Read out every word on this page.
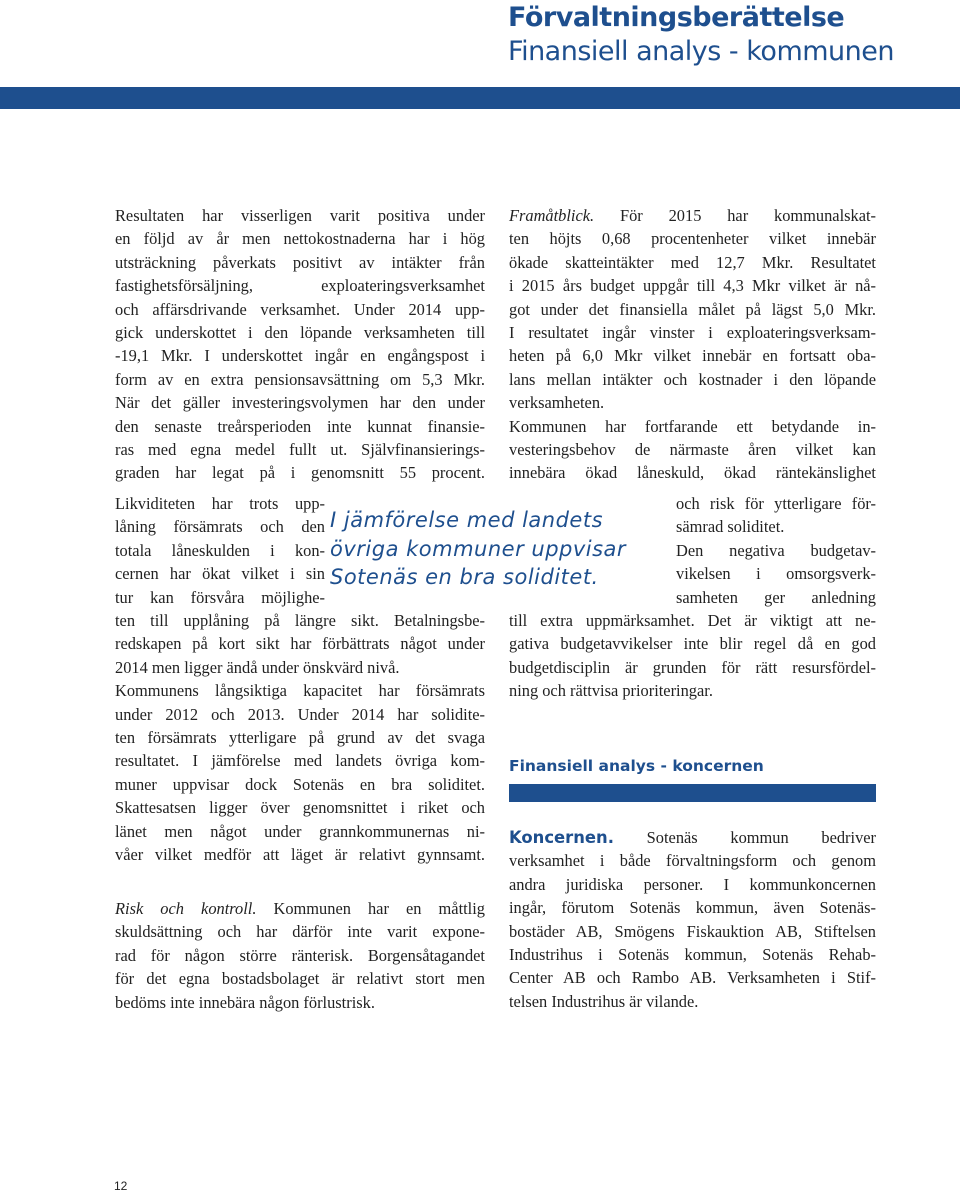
Förvaltningsberättelse
Finansiell analys - kommunen
Resultaten har visserligen varit positiva under
en följd av år men nettokostnaderna har i hög
utsträckning påverkats positivt av intäkter från
fastighetsförsäljning, exploateringsverksamhet
och affärsdrivande verksamhet. Under 2014 upp-
gick underskottet i den löpande verksamheten till
-19,1 Mkr. I underskottet ingår en engångspost i
form av en extra pensionsavsättning om 5,3 Mkr.
När det gäller investeringsvolymen har den under
den senaste treårsperioden inte kunnat finansie-
ras med egna medel fullt ut. Självfinansierings-
graden har legat på i genomsnitt 55 procent.
Likviditeten har trots upp-
låning försämrats och den
totala låneskulden i kon-
cernen har ökat vilket i sin
tur kan försvåra möjlighe-
ten till upplåning på längre sikt. Betalningsbe-
redskapen på kort sikt har förbättrats något under
2014 men ligger ändå under önskvärd nivå.
Kommunens långsiktiga kapacitet har försämrats
under 2012 och 2013. Under 2014 har solidite-
ten försämrats ytterligare på grund av det svaga
resultatet. I jämförelse med landets övriga kom-
muner uppvisar dock Sotenäs en bra soliditet.
Skattesatsen ligger över genomsnittet i riket och
länet men något under grannkommunernas ni-
våer vilket medför att läget är relativt gynnsamt.
Risk och kontroll. Kommunen har en måttlig
skuldsättning och har därför inte varit expone-
rad för någon större ränterisk. Borgensåtagandet
för det egna bostadsbolaget är relativt stort men
bedöms inte innebära någon förlustrisk.
I jämförelse med landets
övriga kommuner uppvisar
Sotenäs en bra soliditet.
Framåtblick. För 2015 har kommunalskat-
ten höjts 0,68 procentenheter vilket innebär
ökade skatteintäkter med 12,7 Mkr. Resultatet
i 2015 års budget uppgår till 4,3 Mkr vilket är nå-
got under det finansiella målet på lägst 5,0 Mkr.
I resultatet ingår vinster i exploateringsverksam-
heten på 6,0 Mkr vilket innebär en fortsatt oba-
lans mellan intäkter och kostnader i den löpande
verksamheten.
Kommunen har fortfarande ett betydande in-
vesteringsbehov de närmaste åren vilket kan
innebära ökad låneskuld, ökad räntekänslighet
och risk för ytterligare för-
sämrad soliditet.
Den negativa budgetav-
vikelsen i omsorgsverk-
samheten ger anledning
till extra uppmärksamhet. Det är viktigt att ne-
gativa budgetavvikelser inte blir regel då en god
budgetdisciplin är grunden för rätt resursfördel-
ning och rättvisa prioriteringar.
Finansiell analys - koncernen
Koncernen. Sotenäs kommun bedriver
verksamhet i både förvaltningsform och genom
andra juridiska personer. I kommunkoncernen
ingår, förutom Sotenäs kommun, även Sotenäs-
bostäder AB, Smögens Fiskauktion AB, Stiftelsen
Industrihus i Sotenäs kommun, Sotenäs Rehab-
Center AB och Rambo AB. Verksamheten i Stif-
telsen Industrihus är vilande.
12
